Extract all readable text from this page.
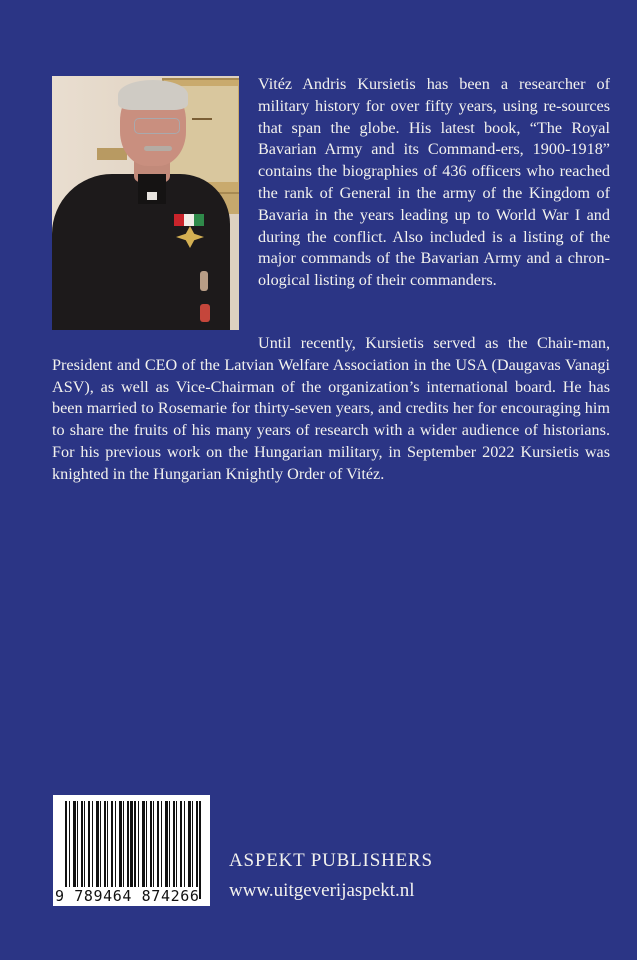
Vitéz Andris Kursietis has been a researcher of military history for over fifty years, using re-sources that span the globe. His latest book, “The Royal Bavarian Army and its Command-ers, 1900-1918” contains the biographies of 436 officers who reached the rank of General in the army of the Kingdom of Bavaria in the years leading up to World War I and during the conflict. Also included is a listing of the major commands of the Bavarian Army and a chron-ological listing of their commanders.

Until recently, Kursietis served as the Chair-man, President and CEO of the Latvian Welfare Association in the USA (Daugavas Vanagi ASV), as well as Vice-Chairman of the organization’s international board. He has been married to Rosemarie for thirty-seven years, and credits her for encouraging him to share the fruits of his many years of research with a wider audience of historians. For his previous work on the Hungarian military, in September 2022 Kursietis was knighted in the Hungarian Knightly Order of Vitéz.

9 789464 874266
ASPEKT PUBLISHERS
www.uitgeverijaspekt.nl
